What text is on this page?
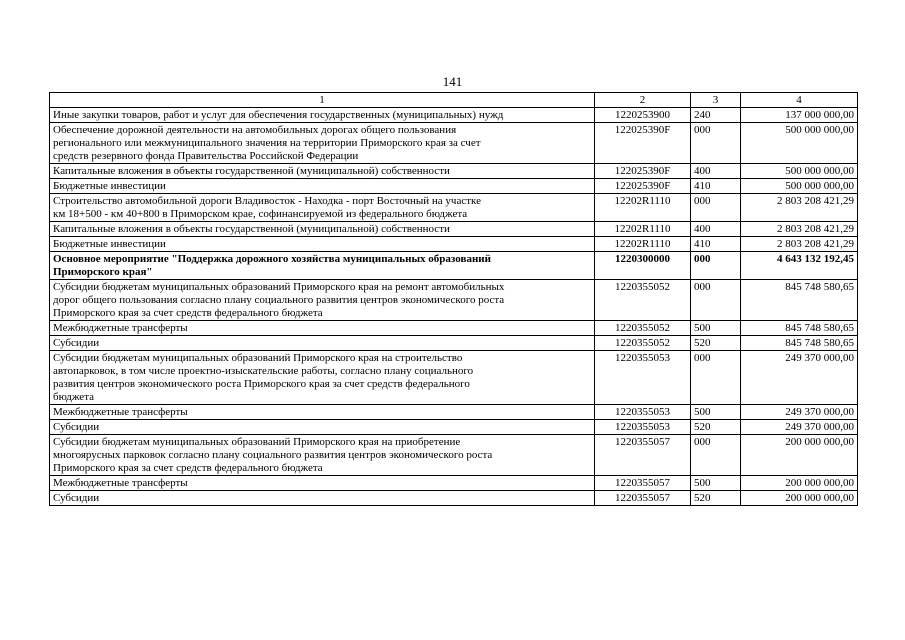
141
1	2	3	4

Иные закупки товаров, работ и услуг для обеспечения государственных (муниципальных) нужд	1220253900	240	137 000 000,00

Обеспечение дорожной деятельности на автомобильных дорогах общего пользования
регионального или межмуниципального значения на территории Приморского края за счет
средств резервного фонда Правительства Российской Федерации	122025390F	000	500 000 000,00

Капитальные вложения в объекты государственной (муниципальной) собственности	122025390F	400	500 000 000,00

Бюджетные инвестиции	122025390F	410	500 000 000,00

Строительство автомобильной дороги Владивосток - Находка - порт Восточный на участке
км 18+500 - км 40+800 в Приморском крае, софинансируемой из федерального бюджета	12202R1110	000	2 803 208 421,29

Капитальные вложения в объекты государственной (муниципальной) собственности	12202R1110	400	2 803 208 421,29

Бюджетные инвестиции	12202R1110	410	2 803 208 421,29

Основное мероприятие "Поддержка дорожного хозяйства муниципальных образований
Приморского края"	1220300000	000	4 643 132 192,45

Субсидии бюджетам муниципальных образований Приморского края на ремонт автомобильных
дорог общего пользования согласно плану социального развития центров экономического роста
Приморского края за счет средств федерального бюджета	1220355052	000	845 748 580,65

Межбюджетные трансферты	1220355052	500	845 748 580,65

Субсидии	1220355052	520	845 748 580,65

Субсидии бюджетам муниципальных образований Приморского края на строительство
автопарковок, в том числе проектно-изыскательские работы, согласно плану социального
развития центров экономического роста Приморского края за счет средств федерального
бюджета	1220355053	000	249 370 000,00

Межбюджетные трансферты	1220355053	500	249 370 000,00

Субсидии	1220355053	520	249 370 000,00

Субсидии бюджетам муниципальных образований Приморского края на приобретение
многоярусных парковок согласно плану социального развития центров экономического роста
Приморского края за счет средств федерального бюджета	1220355057	000	200 000 000,00

Межбюджетные трансферты	1220355057	500	200 000 000,00

Субсидии	1220355057	520	200 000 000,00
